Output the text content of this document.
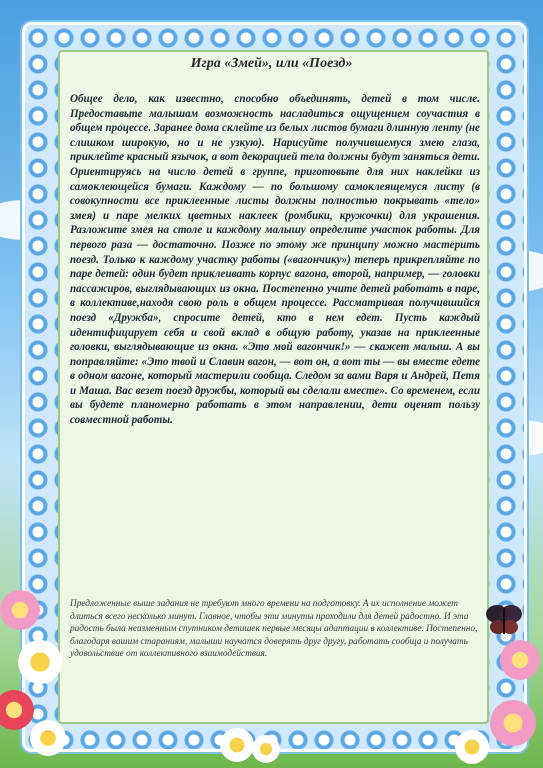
Игра «Змей», или «Поезд»

Общее дело, как известно, способно объединять, детей в том числе. Предоставьте малышам возможность насладиться ощущением соучастия в общем процессе. Заранее дома склейте из белых листов бумаги длинную ленту (не слишком широкую, но и не узкую). Нарисуйте получившемуся змею глаза, приклейте красный язычок, а вот декорацией тела должны будут заняться дети. Ориентируясь на число детей в группе, приготовьте для них наклейки из самоклеющейся бумаги. Каждому — по большому самоклеящемуся листу (в совокупности все приклеенные листы должны полностью покрывать «тело» змея) и паре мелких цветных наклеек (ромбики, кружочки) для украшения. Разложите змея на столе и каждому малышу определите участок работы. Для первого раза — достаточно. Позже по этому же принципу можно мастерить поезд. Только к каждому участку работы («вагончику») теперь прикрепляйте по паре детей: один будет приклеивать корпус вагона, второй, например, — головки пассажиров, выглядывающих из окна. Постепенно учите детей работать в паре, в коллективе,находя свою роль в общем процессе. Рассматривая получившийся поезд «Дружба», спросите детей, кто в нем едет. Пусть каждый идентифицирует себя и свой вклад в общую работу, указав на приклеенные головки, выглядывающие из окна. «Это мой вагончик!» — скажет малыш. А вы поправляйте: «Это твой и Славин вагон, — вот он, а вот ты — вы вместе едете в одном вагоне, который мастерили сообща. Следом за вами Варя и Андрей, Петя и Маша. Вас везет поезд дружбы, который вы сделали вместе». Со временем, если вы будете планомерно работать в этом направлении, дети оценят пользу совместной работы.

Предложенные выше задания не требуют много времени на подготовку. А их исполнение может длиться всего несколько минут. Главное, чтобы эти минуты проходили для детей радостно. И эта радость была неизменным спутником детишек первые месяцы адаптации в коллективе. Постепенно, благодаря вашим стараниям, малыши научатся доверять друг другу, работать сообща и получать удовольствие от коллективного взаимодействия.
